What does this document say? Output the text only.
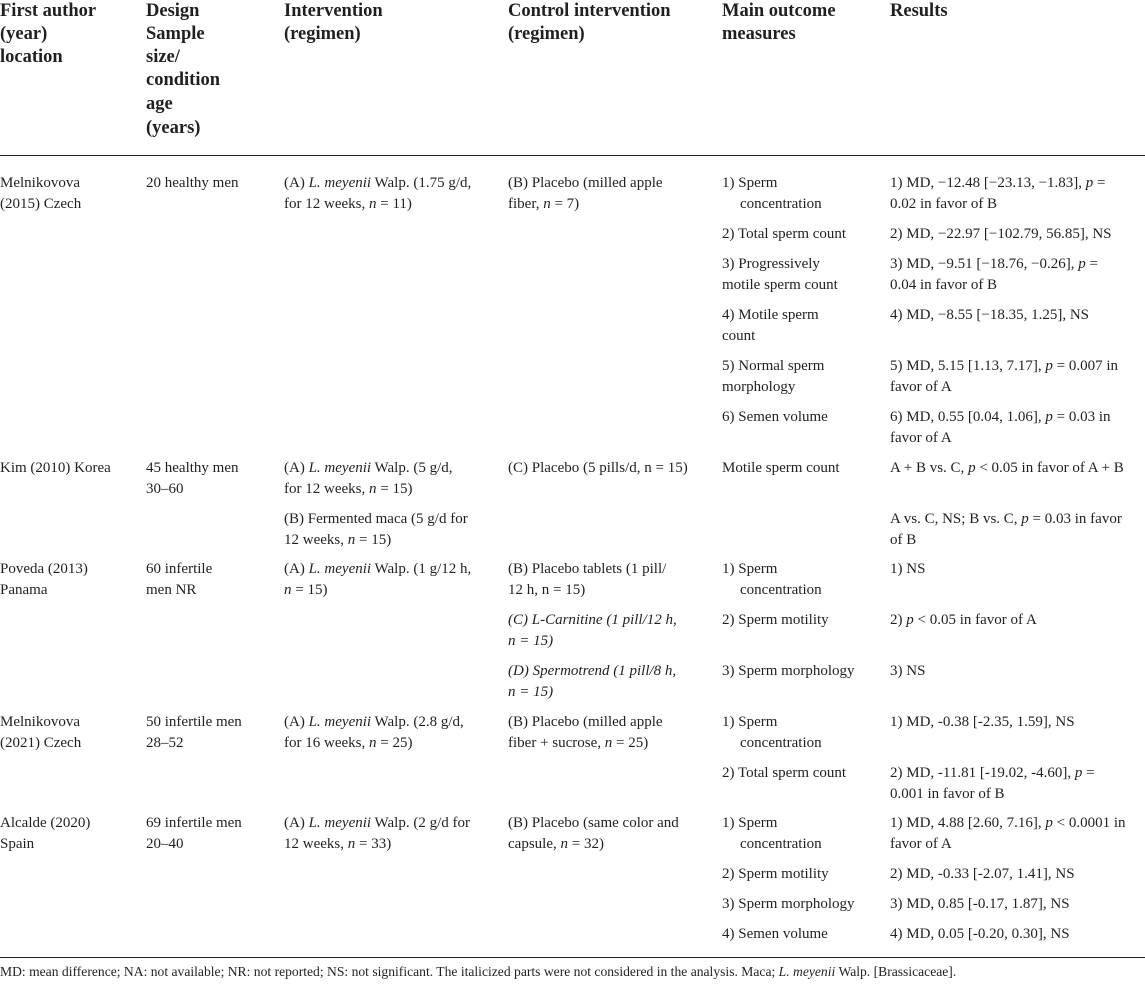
First author
(year)
location
Design
Sample
size/
condition
age
(years)
Intervention
(regimen)
Control intervention
(regimen)
Main outcome
measures
Results
Melnikovova
(2015) Czech
20 healthy men	(A) L. meyenii Walp. (1.75 g/d,
for 12 weeks, n = 11)
(B) Placebo (milled apple
fiber, n = 7)
1) Sperm
concentration
2) Total sperm count
3) Progressively
motile sperm count
4) Motile sperm
count
5) Normal sperm
morphology
6) Semen volume
1) MD, −12.48 [−23.13, −1.83], p =
0.02 in favor of B
2) MD, −22.97 [−102.79, 56.85], NS
3) MD, −9.51 [−18.76, −0.26], p =
0.04 in favor of B
4) MD, −8.55 [−18.35, 1.25], NS
5) MD, 5.15 [1.13, 7.17], p = 0.007 in
favor of A
6) MD, 0.55 [0.04, 1.06], p = 0.03 in
favor of A
Kim (2010) Korea 45 healthy men
30–60
(A) L. meyenii Walp. (5 g/d,
for 12 weeks, n = 15)
(B) Fermented maca (5 g/d for
12 weeks, n = 15)
(C) Placebo (5 pills/d, n = 15) Motile sperm count	A + B vs. C, p < 0.05 in favor of A + B
A vs. C, NS; B vs. C, p = 0.03 in favor
of B
Poveda (2013)
Panama
60 infertile
men NR
(A) L. meyenii Walp. (1 g/12 h,
n = 15)
(B) Placebo tablets (1 pill/
12 h, n = 15)
(C) L-Carnitine (1 pill/12 h,
n = 15)
(D) Spermotrend (1 pill/8 h,
n = 15)
1) Sperm
concentration
2) Sperm motility
3) Sperm morphology
1) NS
2) p < 0.05 in favor of A
3) NS
Melnikovova
(2021) Czech
50 infertile men
28–52
(A) L. meyenii Walp. (2.8 g/d,
for 16 weeks, n = 25)
(B) Placebo (milled apple
fiber + sucrose, n = 25)
1) Sperm
concentration
2) Total sperm count
1) MD, -0.38 [-2.35, 1.59], NS
2) MD, -11.81 [-19.02, -4.60], p =
0.001 in favor of B
Alcalde (2020)
Spain
69 infertile men
20–40
(A) L. meyenii Walp. (2 g/d for
12 weeks, n = 33)
(B) Placebo (same color and
capsule, n = 32)
1) Sperm
concentration
2) Sperm motility
3) Sperm morphology
4) Semen volume
1) MD, 4.88 [2.60, 7.16], p < 0.0001 in
favor of A
2) MD, -0.33 [-2.07, 1.41], NS
3) MD, 0.85 [-0.17, 1.87], NS
4) MD, 0.05 [-0.20, 0.30], NS
MD: mean difference; NA: not available; NR: not reported; NS: not significant. The italicized parts were not considered in the analysis. Maca; L. meyenii Walp. [Brassicaceae].
